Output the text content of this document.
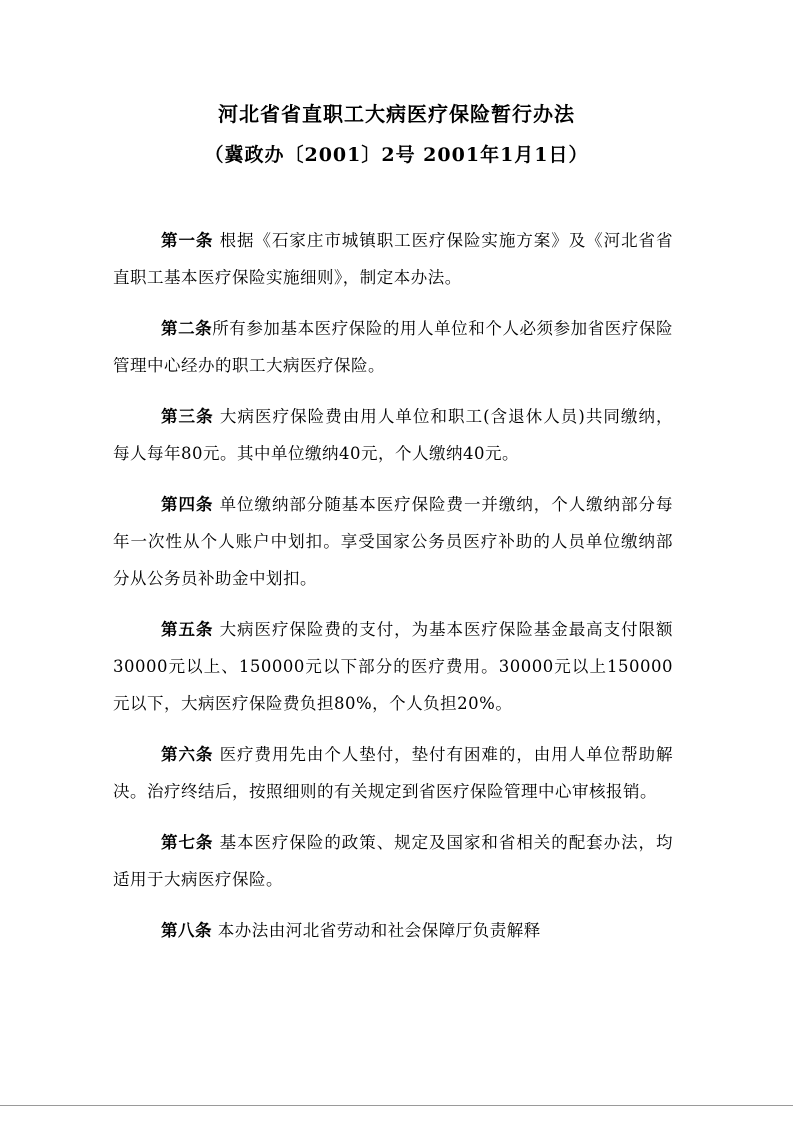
河北省省直职工大病医疗保险暂行办法
（冀政办〔2001〕2号 2001年1月1日）

第一条 根据《石家庄市城镇职工医疗保险实施方案》及《河北省省直职工基本医疗保险实施细则》，制定本办法。

第二条所有参加基本医疗保险的用人单位和个人必须参加省医疗保险管理中心经办的职工大病医疗保险。

第三条 大病医疗保险费由用人单位和职工(含退休人员)共同缴纳，每人每年80元。其中单位缴纳40元，个人缴纳40元。

第四条 单位缴纳部分随基本医疗保险费一并缴纳，个人缴纳部分每年一次性从个人账户中划扣。享受国家公务员医疗补助的人员单位缴纳部分从公务员补助金中划扣。

第五条 大病医疗保险费的支付，为基本医疗保险基金最高支付限额30000元以上、150000元以下部分的医疗费用。30000元以上150000元以下，大病医疗保险费负担80%，个人负担20%。

第六条 医疗费用先由个人垫付，垫付有困难的，由用人单位帮助解决。治疗终结后，按照细则的有关规定到省医疗保险管理中心审核报销。

第七条 基本医疗保险的政策、规定及国家和省相关的配套办法，均适用于大病医疗保险。

第八条 本办法由河北省劳动和社会保障厅负责解释
